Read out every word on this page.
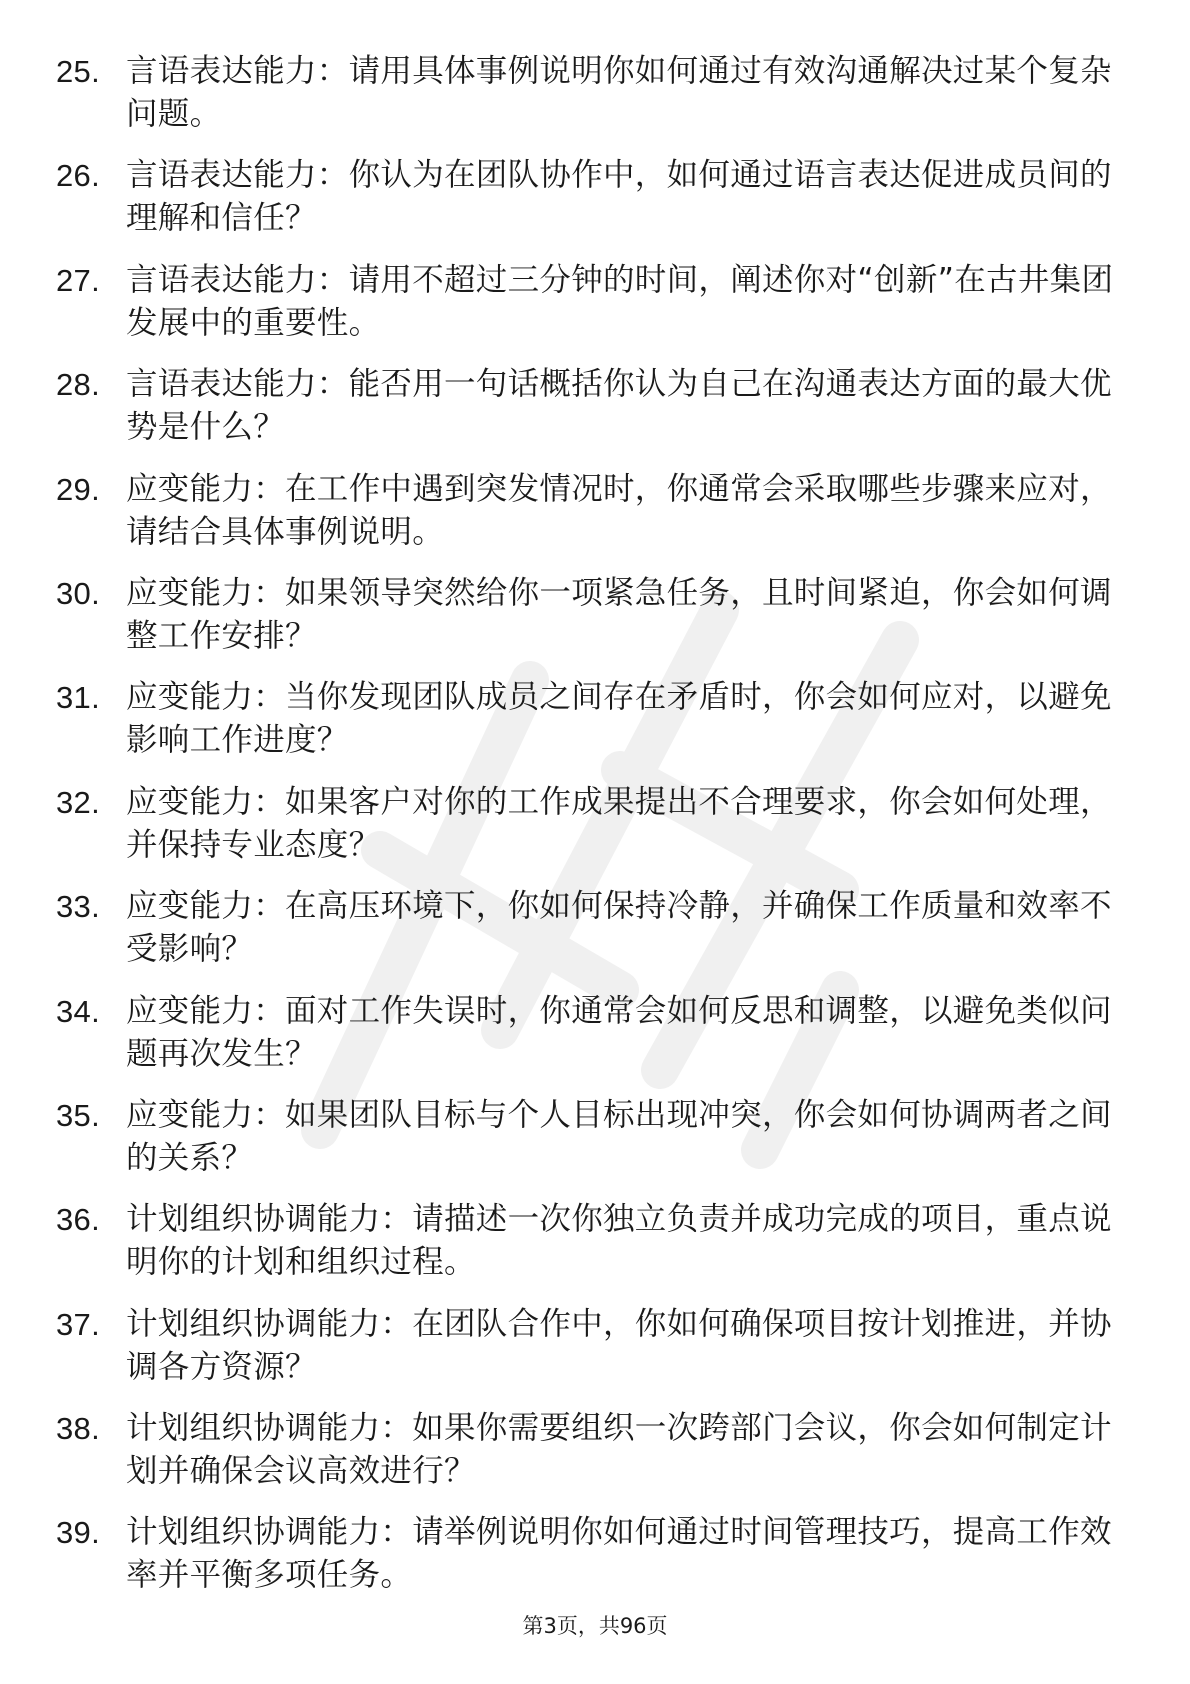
25. 言语表达能力：请用具体事例说明你如何通过有效沟通解决过某个复杂问题。
26. 言语表达能力：你认为在团队协作中，如何通过语言表达促进成员间的理解和信任？
27. 言语表达能力：请用不超过三分钟的时间，阐述你对“创新”在古井集团发展中的重要性。
28. 言语表达能力：能否用一句话概括你认为自己在沟通表达方面的最大优势是什么？
29. 应变能力：在工作中遇到突发情况时，你通常会采取哪些步骤来应对，请结合具体事例说明。
30. 应变能力：如果领导突然给你一项紧急任务，且时间紧迫，你会如何调整工作安排？
31. 应变能力：当你发现团队成员之间存在矛盾时，你会如何应对，以避免影响工作进度？
32. 应变能力：如果客户对你的工作成果提出不合理要求，你会如何处理，并保持专业态度？
33. 应变能力：在高压环境下，你如何保持冷静，并确保工作质量和效率不受影响？
34. 应变能力：面对工作失误时，你通常会如何反思和调整，以避免类似问题再次发生？
35. 应变能力：如果团队目标与个人目标出现冲突，你会如何协调两者之间的关系？
36. 计划组织协调能力：请描述一次你独立负责并成功完成的项目，重点说明你的计划和组织过程。
37. 计划组织协调能力：在团队合作中，你如何确保项目按计划推进，并协调各方资源？
38. 计划组织协调能力：如果你需要组织一次跨部门会议，你会如何制定计划并确保会议高效进行？
39. 计划组织协调能力：请举例说明你如何通过时间管理技巧，提高工作效率并平衡多项任务。
第3页，共96页
